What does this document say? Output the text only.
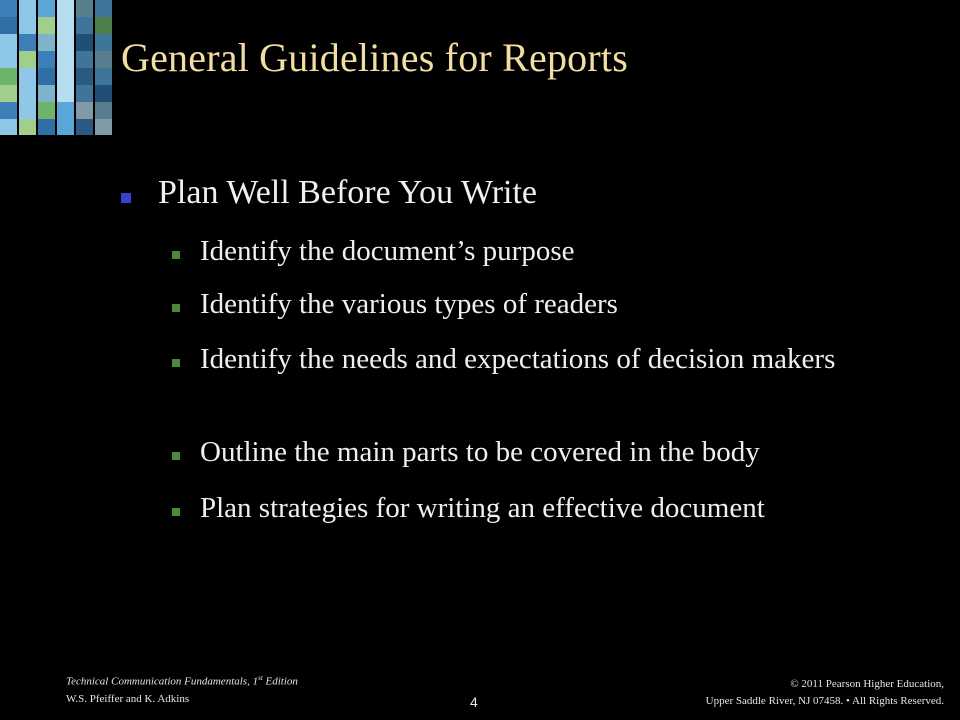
General Guidelines for Reports
Plan Well Before You Write
Identify the document’s purpose
Identify the various types of readers
Identify the needs and expectations of decision makers
Outline the main parts to be covered in the body
Plan strategies for writing an effective document
Technical Communication Fundamentals, 1st Edition
W.S. Pfeiffer and K. Adkins	4
© 2011 Pearson Higher Education,
Upper Saddle River, NJ 07458. • All Rights Reserved.
